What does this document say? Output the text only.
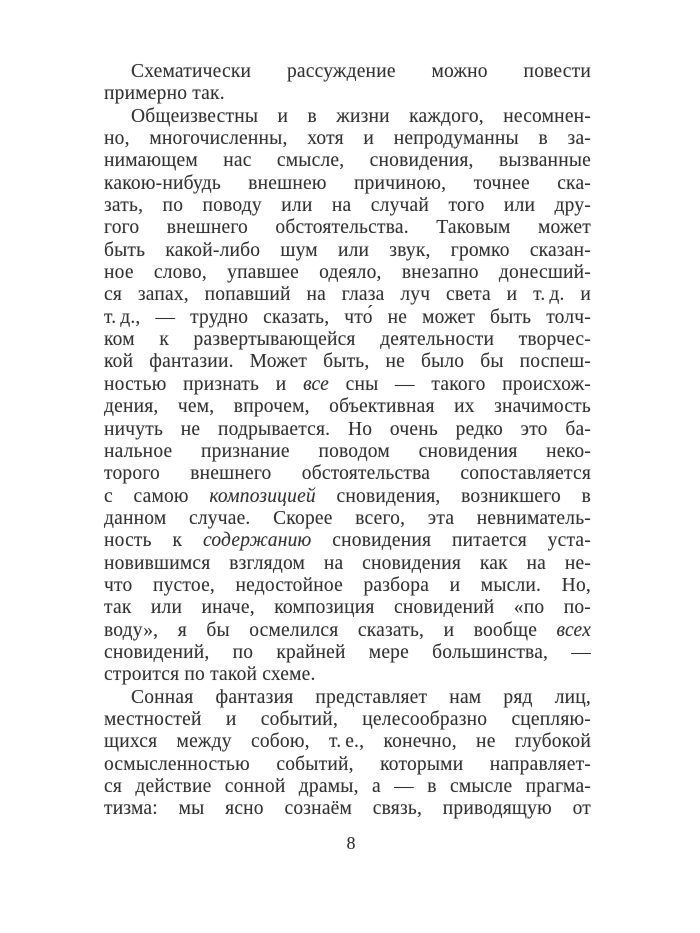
Схематически рассуждение можно повести
примерно так.
Общеизвестны и в жизни каждого, несомнен-
но, многочисленны, хотя и непродуманны в за-
нимающем нас смысле, сновидения, вызванные
какою-нибудь внешнею причиною, точнее ска-
зать, по поводу или на случай того или дру-
гого внешнего обстоятельства. Таковым может
быть какой-либо шум или звук, громко сказан-
ное слово, упавшее одеяло, внезапно донесший-
ся запах, попавший на глаза луч света и т. д. и
т. д., — трудно сказать, что́ не может быть толч-
ком к развертывающейся деятельности творчес-
кой фантазии. Может быть, не было бы поспеш-
ностью признать и все сны — такого происхож-
дения, чем, впрочем, объективная их значимость
ничуть не подрывается. Но очень редко это ба-
нальное признание поводом сновидения неко-
торого внешнего обстоятельства сопоставляется
с самою композицией сновидения, возникшего в
данном случае. Скорее всего, эта невниматель-
ность к содержанию сновидения питается уста-
новившимся взглядом на сновидения как на не-
что пустое, недостойное разбора и мысли. Но,
так или иначе, композиция сновидений «по по-
воду», я бы осмелился сказать, и вообще всех
сновидений, по крайней мере большинства, —
строится по такой схеме.
Сонная фантазия представляет нам ряд лиц,
местностей и событий, целесообразно сцепляю-
щихся между собою, т. е., конечно, не глубокой
осмысленностью событий, которыми направляет-
ся действие сонной драмы, а — в смысле прагма-
тизма: мы ясно сознаём связь, приводящую от
8
